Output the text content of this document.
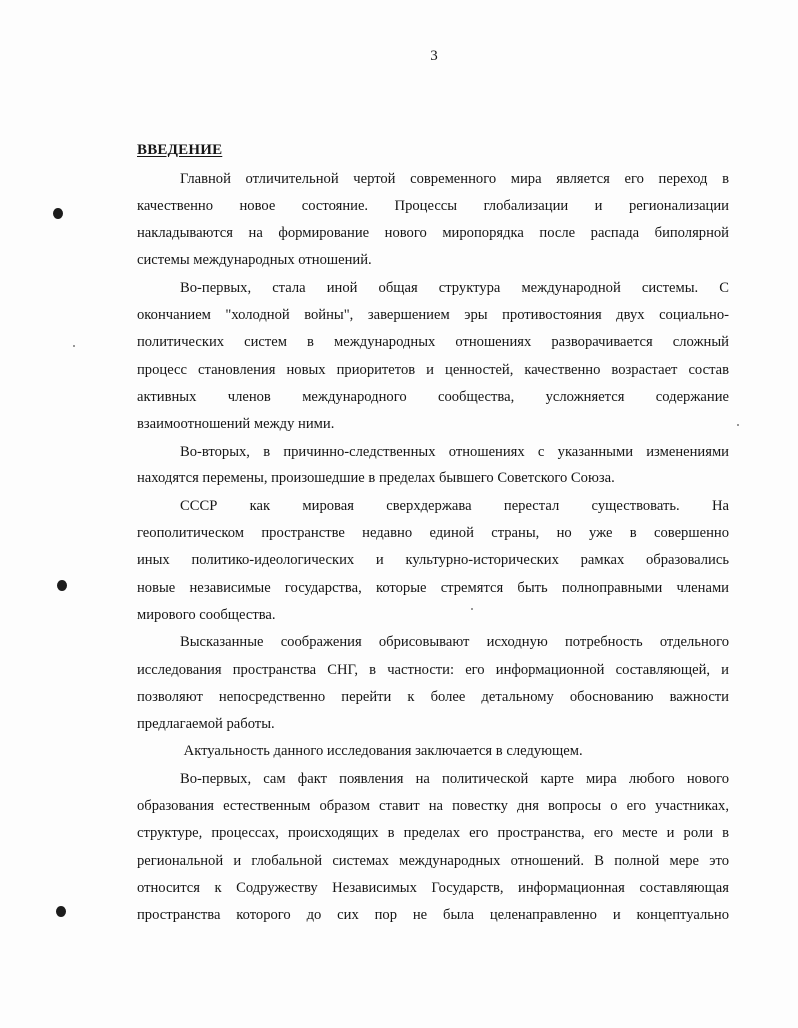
3
ВВЕДЕНИЕ
Главной отличительной чертой современного мира является его переход в
качественно новое состояние. Процессы глобализации и регионализации
накладываются на формирование нового миропорядка после распада биполярной
системы международных отношений.
Во-первых, стала иной общая структура международной системы. С
окончанием "холодной войны", завершением эры противостояния двух социально-
политических систем в международных отношениях разворачивается сложный
процесс становления новых приоритетов и ценностей, качественно возрастает состав
активных членов международного сообщества, усложняется содержание
взаимоотношений между ними.
Во-вторых, в причинно-следственных отношениях с указанными изменениями
находятся перемены, произошедшие в пределах бывшего Советского Союза.
СССР как мировая сверхдержава перестал существовать. На
геополитическом пространстве недавно единой страны, но уже в совершенно
иных политико-идеологических и культурно-исторических рамках образовались
новые независимые государства, которые стремятся быть полноправными членами
мирового сообщества.
Высказанные соображения обрисовывают исходную потребность отдельного
исследования пространства СНГ, в частности: его информационной составляющей, и
позволяют непосредственно перейти к более детальному обоснованию важности
предлагаемой работы.
Актуальность данного исследования заключается в следующем.
Во-первых, сам факт появления на политической карте мира любого нового
образования естественным образом ставит на повестку дня вопросы о его участниках,
структуре, процессах, происходящих в пределах его пространства, его месте и роли в
региональной и глобальной системах международных отношений. В полной мере это
относится к Содружеству Независимых Государств, информационная составляющая
пространства которого до сих пор не была целенаправленно и концептуально
